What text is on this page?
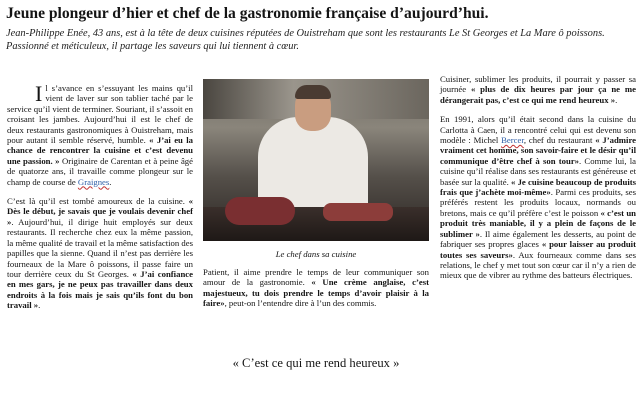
Jeune plongeur d’hier et chef de la gastronomie française d’aujourd’hui.
Jean-Philippe Enée, 43 ans, est à la tête de deux cuisines réputées de Ouistreham que sont les restaurants Le St Georges et La Mare ô poissons. Passionné et méticuleux, il partage les saveurs qui lui tiennent à cœur.

Il s’avance en s’essuyant les mains qu’il vient de laver sur son tablier taché par le service qu’il vient de terminer. Souriant, il s’assoit en croisant les jambes. Aujourd’hui il est le chef de deux restaurants gastronomiques à Ouistreham, mais pour autant il semble réservé, humble. « J’ai eu la chance de rencontrer la cuisine et c’est devenu une passion. » Originaire de Carentan et à peine âgé de quatorze ans, il travaille comme plongeur sur le champ de course de Graignes.

C’est là qu’il est tombé amoureux de la cuisine. « Dès le début, je savais que je voulais devenir chef ». Aujourd’hui, il dirige huit employés sur deux restaurants. Il recherche chez eux la même passion, la même qualité de travail et la même satisfaction des papilles que la sienne. Quand il n’est pas derrière les fourneaux de la Mare ô poissons, il passe faire un tour derrière ceux du St Georges. « J’ai confiance en mes gars, je ne peux pas travailler dans deux endroits à la fois mais je sais qu’ils font du bon travail ».

Le chef dans sa cuisine

Patient, il aime prendre le temps de leur communiquer son amour de la gastronomie. « Une crème anglaise, c’est majestueux, tu dois prendre le temps d’avoir plaisir à la faire», peut-on l’entendre dire à l’un des commis.

« C’est ce qui me rend heureux »

Cuisiner, sublimer les produits, il pourrait y passer sa journée « plus de dix heures par jour ça ne me dérangerait pas, c’est ce qui me rend heureux ».

En 1991, alors qu’il était second dans la cuisine du Carlotta à Caen, il a rencontré celui qui est devenu son modèle : Michel Bercer, chef du restaurant « J’admire vraiment cet homme, son savoir-faire et le désir qu’il communique d’être chef à son tour». Comme lui, la cuisine qu’il réalise dans ses restaurants est généreuse et basée sur la qualité. « Je cuisine beaucoup de produits frais que j’achète moi-même». Parmi ces produits, ses préférés restent les produits locaux, normands ou bretons, mais ce qu’il préfère c’est le poisson « c’est un produit très maniable, il y a plein de façons de le sublimer ». Il aime également les desserts, au point de fabriquer ses propres glaces « pour laisser au produit toutes ses saveurs». Aux fourneaux comme dans ses relations, le chef y met tout son cœur car il n’y a rien de mieux que de vibrer au rythme des batteurs électriques.
